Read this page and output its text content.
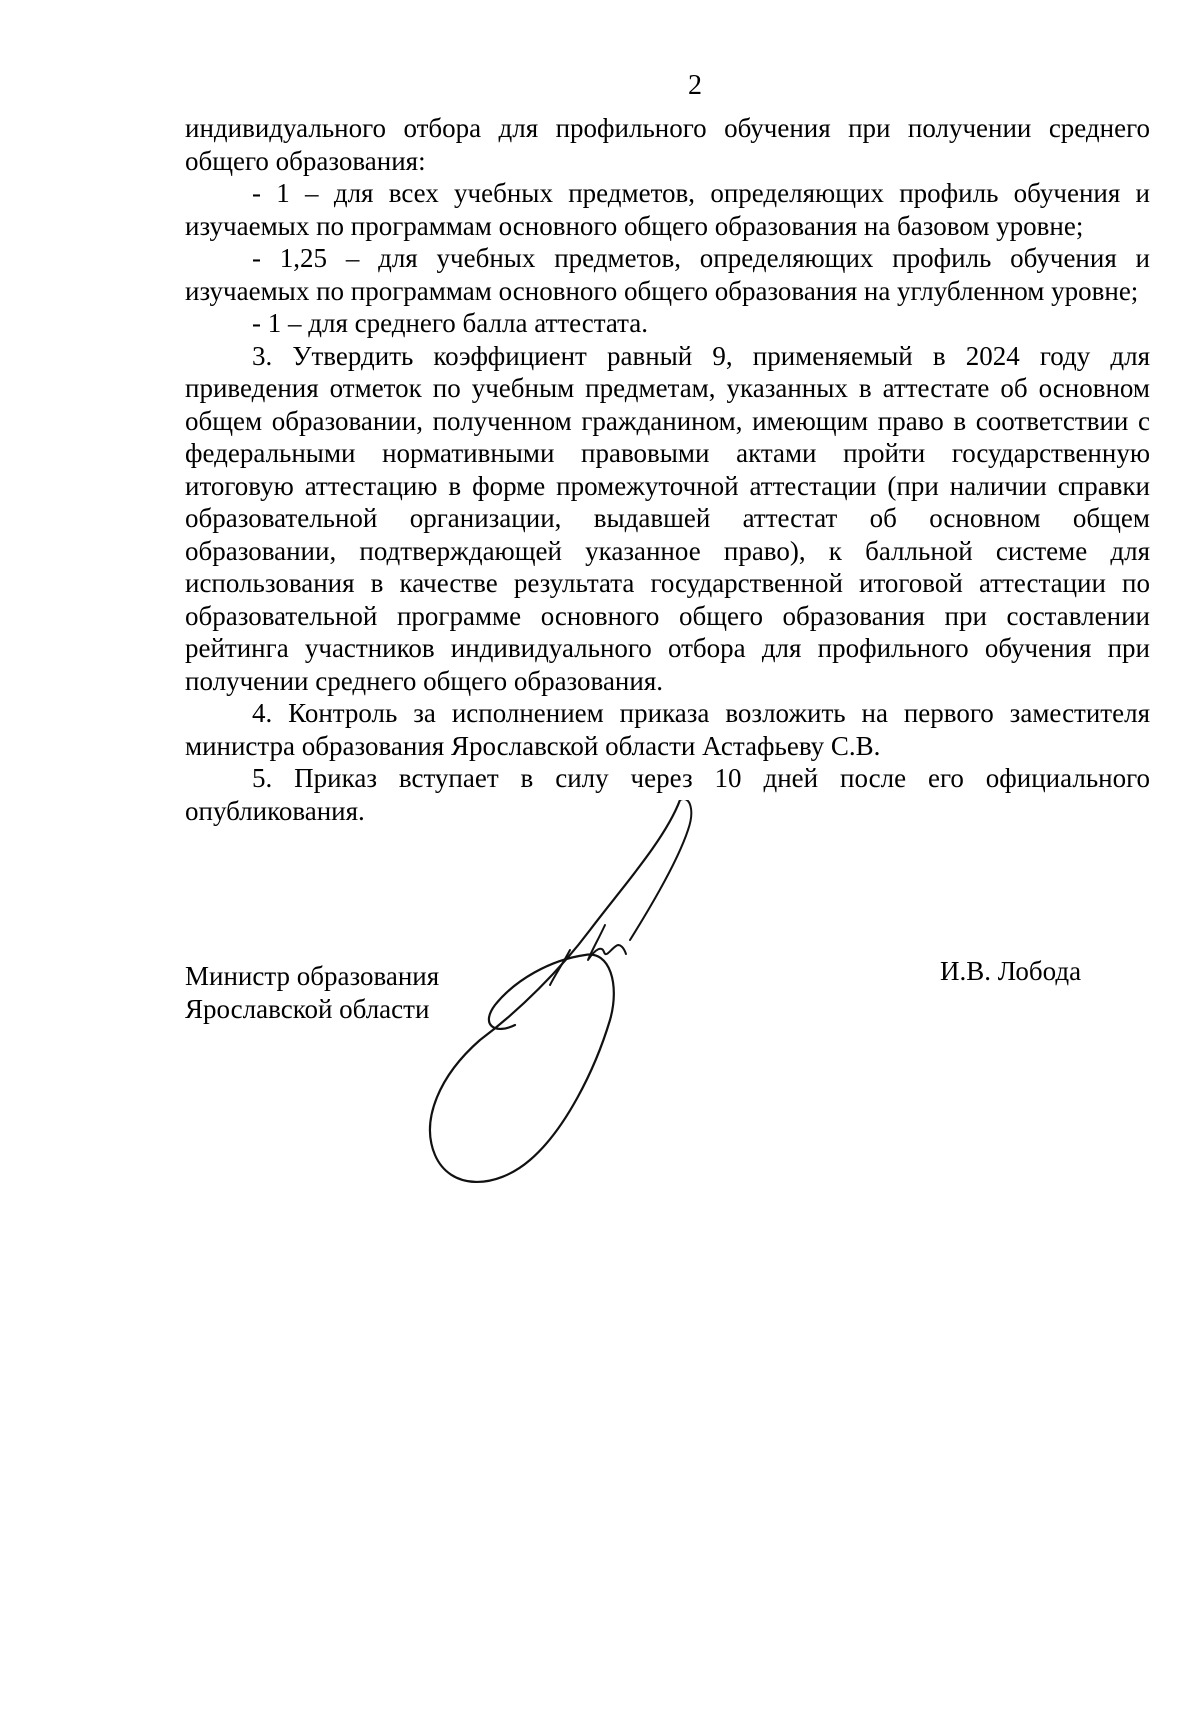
2

индивидуального отбора для профильного обучения при получении среднего общего образования:

- 1 – для всех учебных предметов, определяющих профиль обучения и изучаемых по программам основного общего образования на базовом уровне;

- 1,25 – для учебных предметов, определяющих профиль обучения и изучаемых по программам основного общего образования на углубленном уровне;

- 1 – для среднего балла аттестата.

3. Утвердить коэффициент равный 9, применяемый в 2024 году для приведения отметок по учебным предметам, указанных в аттестате об основном общем образовании, полученном гражданином, имеющим право в соответствии с федеральными нормативными правовыми актами пройти государственную итоговую аттестацию в форме промежуточной аттестации (при наличии справки образовательной организации, выдавшей аттестат об основном общем образовании, подтверждающей указанное право), к балльной системе для использования в качестве результата государственной итоговой аттестации по образовательной программе основного общего образования при составлении рейтинга участников индивидуального отбора для профильного обучения при получении среднего общего образования.

4. Контроль за исполнением приказа возложить на первого заместителя министра образования Ярославской области Астафьеву С.В.

5. Приказ вступает в силу через 10 дней после его официального опубликования.

Министр образования
Ярославской области
И.В. Лобода
